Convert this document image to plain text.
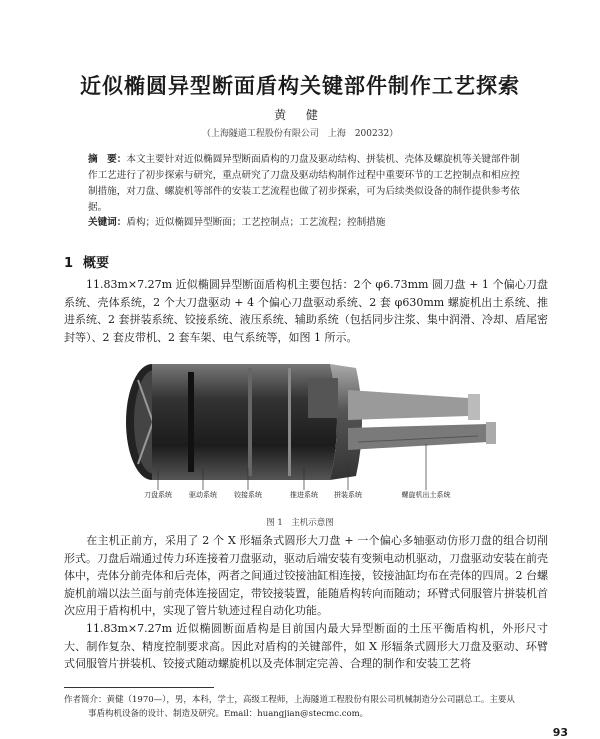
近似椭圆异型断面盾构关键部件制作工艺探索
黄 健
（上海隧道工程股份有限公司　上海　200232）
摘　要：本文主要针对近似椭圆异型断面盾构的刀盘及驱动结构、拼装机、壳体及螺旋机等关键部件制作工艺进行了初步探索与研究，重点研究了刀盘及驱动结构制作过程中重要环节的工艺控制点和相应控制措施，对刀盘、螺旋机等部件的安装工艺流程也做了初步探索，可为后续类似设备的制作提供参考依据。
关键词：盾构；近似椭圆异型断面；工艺控制点；工艺流程；控制措施
1 概要
11.83m×7.27m 近似椭圆异型断面盾构机主要包括：2个 φ6.73mm 圆刀盘 + 1 个偏心刀盘系统、壳体系统，2 个大刀盘驱动 + 4 个偏心刀盘驱动系统、2 套 φ630mm 螺旋机出土系统、推进系统、2 套拼装系统、铰接系统、液压系统、辅助系统（包括同步注浆、集中润滑、冷却、盾尾密封等）、2 套皮带机、2 套车架、电气系统等，如图 1 所示。
刀盘系统 驱动系统 铰接系统	推进系统 拼装系统	螺旋机出土系统
图 1　主机示意图
在主机正前方，采用了 2 个 X 形辐条式圆形大刀盘 + 一个偏心多轴驱动仿形刀盘的组合切削形式。刀盘后端通过传力环连接着刀盘驱动，驱动后端安装有变频电动机驱动，刀盘驱动安装在前壳体中，壳体分前壳体和后壳体，两者之间通过铰接油缸相连接，铰接油缸均布在壳体的四周。2 台螺旋机前端以法兰面与前壳体连接固定，带铰接装置，能随盾构转向而随动；环臂式伺服管片拼装机首次应用于盾构机中，实现了管片轨迹过程自动化功能。
11.83m×7.27m 近似椭圆断面盾构是目前国内最大异型断面的土压平衡盾构机，外形尺寸大、制作复杂、精度控制要求高。因此对盾构的关键部件，如 X 形辐条式圆形大刀盘及驱动、环臂式伺服管片拼装机、铰接式随动螺旋机以及壳体制定完善、合理的制作和安装工艺将
作者简介：黄健（1970—），男，本科，学士，高级工程师，上海隧道工程股份有限公司机械制造分公司副总工。主要从
事盾构机设备的设计、制造及研究。Email：huangjian@stecmc.com。
93
